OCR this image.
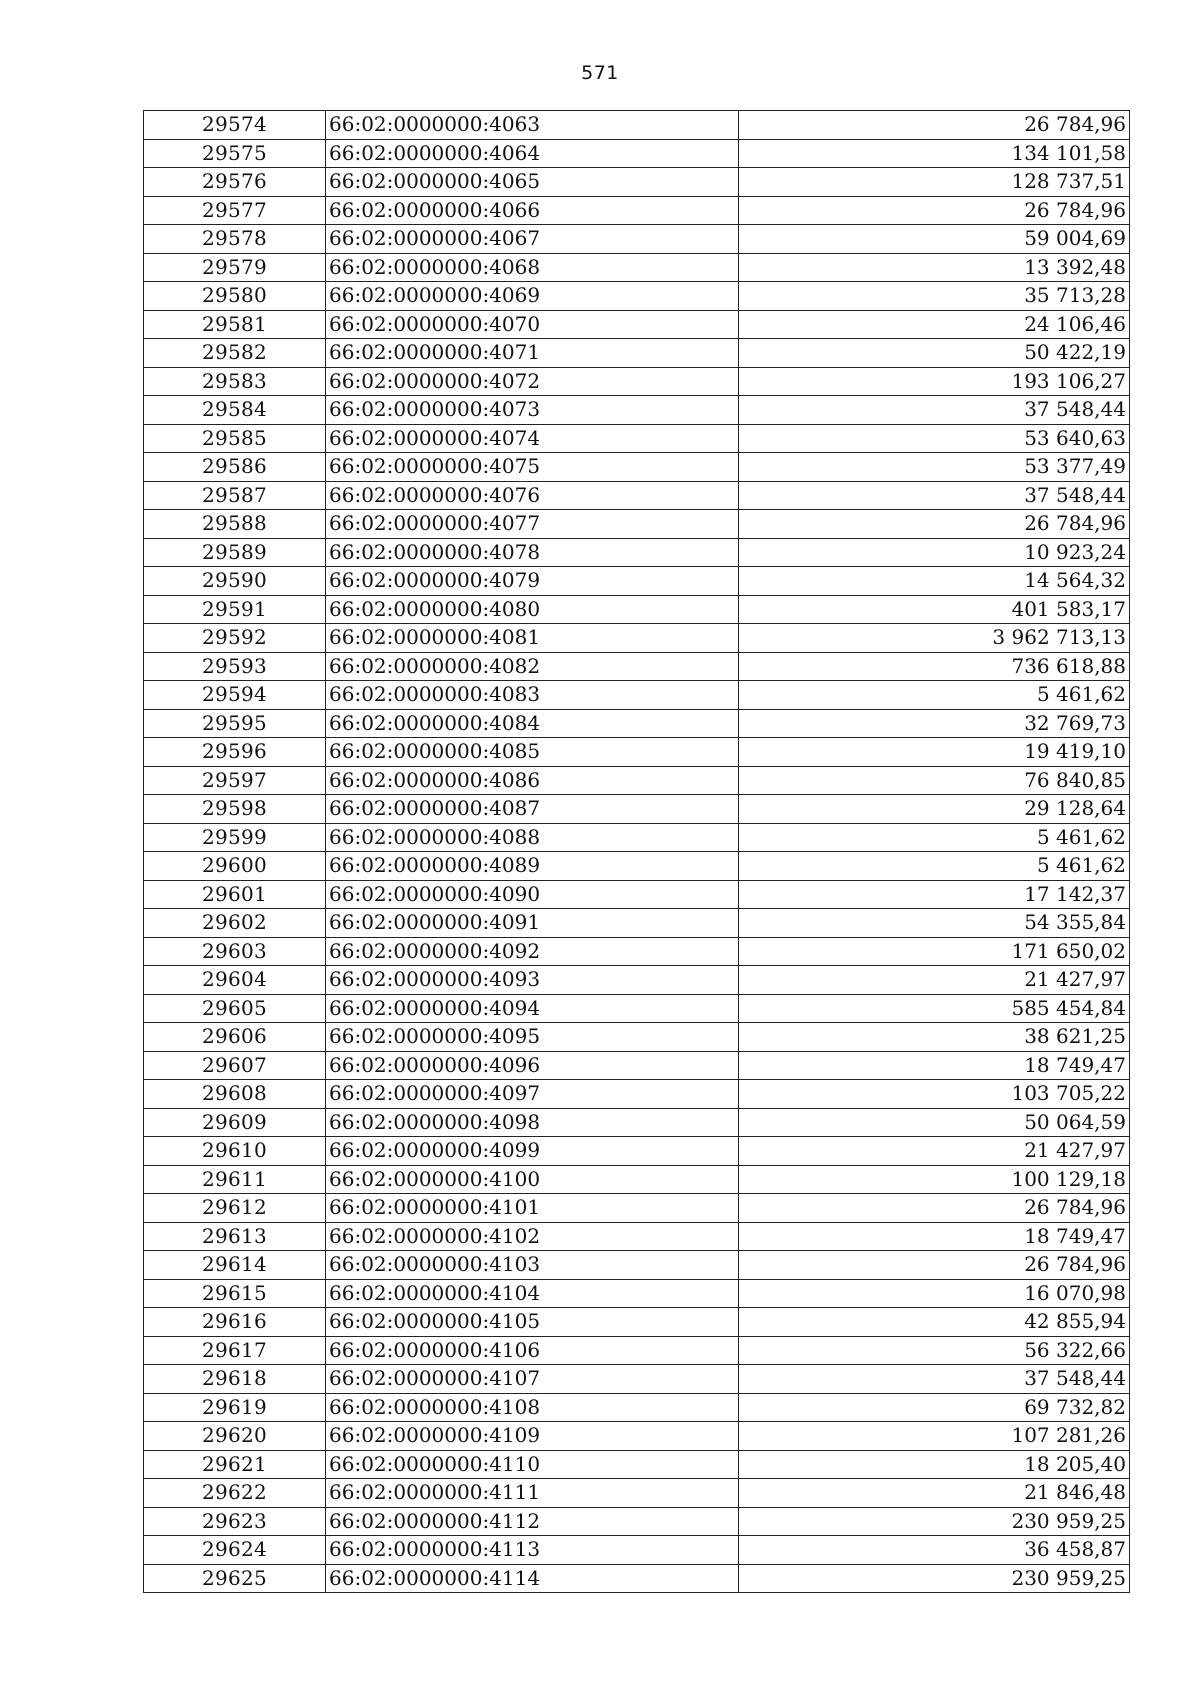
571
29574	66:02:0000000:4063	26 784,96
29575	66:02:0000000:4064	134 101,58
29576	66:02:0000000:4065	128 737,51
29577	66:02:0000000:4066	26 784,96
29578	66:02:0000000:4067	59 004,69
29579	66:02:0000000:4068	13 392,48
29580	66:02:0000000:4069	35 713,28
29581	66:02:0000000:4070	24 106,46
29582	66:02:0000000:4071	50 422,19
29583	66:02:0000000:4072	193 106,27
29584	66:02:0000000:4073	37 548,44
29585	66:02:0000000:4074	53 640,63
29586	66:02:0000000:4075	53 377,49
29587	66:02:0000000:4076	37 548,44
29588	66:02:0000000:4077	26 784,96
29589	66:02:0000000:4078	10 923,24
29590	66:02:0000000:4079	14 564,32
29591	66:02:0000000:4080	401 583,17
29592	66:02:0000000:4081	3 962 713,13
29593	66:02:0000000:4082	736 618,88
29594	66:02:0000000:4083	5 461,62
29595	66:02:0000000:4084	32 769,73
29596	66:02:0000000:4085	19 419,10
29597	66:02:0000000:4086	76 840,85
29598	66:02:0000000:4087	29 128,64
29599	66:02:0000000:4088	5 461,62
29600	66:02:0000000:4089	5 461,62
29601	66:02:0000000:4090	17 142,37
29602	66:02:0000000:4091	54 355,84
29603	66:02:0000000:4092	171 650,02
29604	66:02:0000000:4093	21 427,97
29605	66:02:0000000:4094	585 454,84
29606	66:02:0000000:4095	38 621,25
29607	66:02:0000000:4096	18 749,47
29608	66:02:0000000:4097	103 705,22
29609	66:02:0000000:4098	50 064,59
29610	66:02:0000000:4099	21 427,97
29611	66:02:0000000:4100	100 129,18
29612	66:02:0000000:4101	26 784,96
29613	66:02:0000000:4102	18 749,47
29614	66:02:0000000:4103	26 784,96
29615	66:02:0000000:4104	16 070,98
29616	66:02:0000000:4105	42 855,94
29617	66:02:0000000:4106	56 322,66
29618	66:02:0000000:4107	37 548,44
29619	66:02:0000000:4108	69 732,82
29620	66:02:0000000:4109	107 281,26
29621	66:02:0000000:4110	18 205,40
29622	66:02:0000000:4111	21 846,48
29623	66:02:0000000:4112	230 959,25
29624	66:02:0000000:4113	36 458,87
29625	66:02:0000000:4114	230 959,25
